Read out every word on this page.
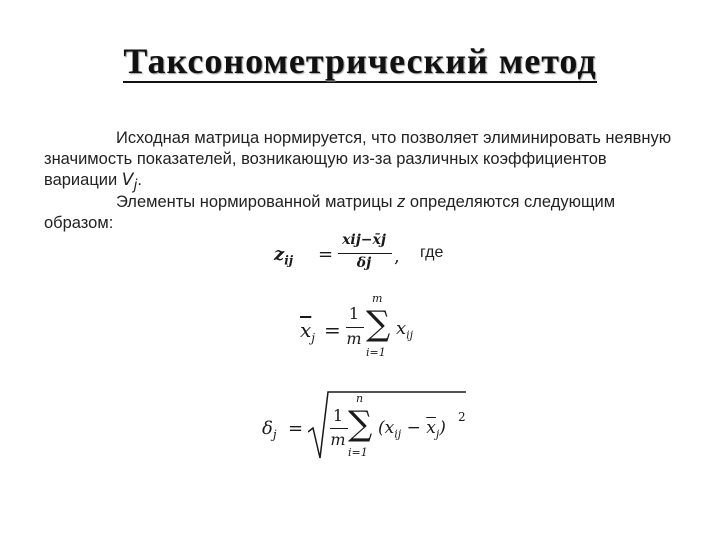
Таксонометрический метод
Исходная матрица нормируется, что позволяет элиминировать неявную значимость показателей, возникающую из-за различных коэффициентов вариации $V_j$.
Элементы нормированной матрицы z определяются следующим образом:
$z_{ij}$ =
xij−x̄j
δj	, где
$\overline{x}_j$ =
1
m
m
∑
i=1
$x_{ij}$
$\delta_j$ =
1
m
n
∑
i=1
$(x_{ij} - \overline{x}_j)$
2
